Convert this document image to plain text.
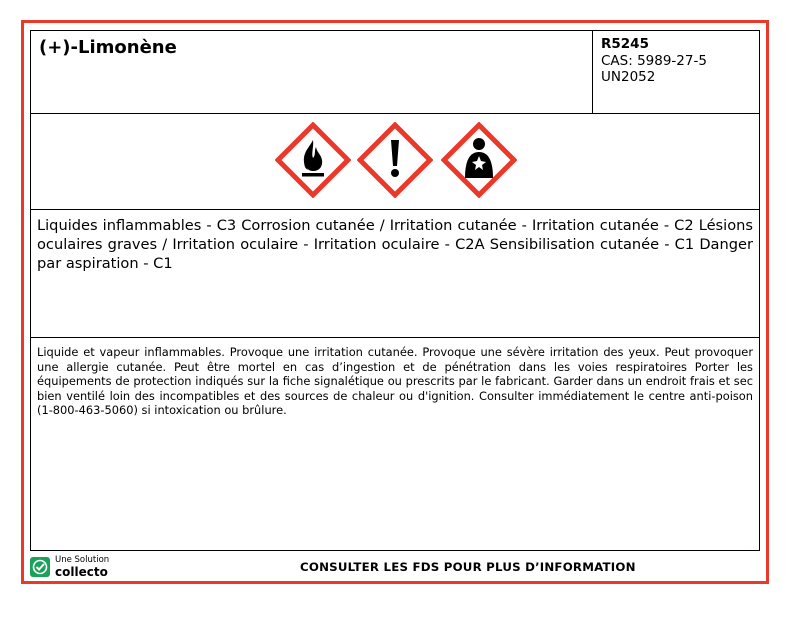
(+)-Limonène	R5245
CAS: 5989-27-5
UN2052
Liquides inflammables - C3 Corrosion cutanée / Irritation cutanée - Irritation cutanée - C2 Lésions oculaires graves / Irritation oculaire - Irritation oculaire - C2A Sensibilisation cutanée - C1 Danger par aspiration - C1
Liquide et vapeur inflammables. Provoque une irritation cutanée. Provoque une sévère irritation des yeux. Peut provoquer une allergie cutanée. Peut être mortel en cas d’ingestion et de pénétration dans les voies respiratoires Porter les équipements de protection indiqués sur la fiche signalétique ou prescrits par le fabricant. Garder dans un endroit frais et sec bien ventilé loin des incompatibles et des sources de chaleur ou d'ignition. Consulter immédiatement le centre anti-poison (1-800-463-5060) si intoxication ou brûlure.
Une Solution
collecto	CONSULTER LES FDS POUR PLUS D’INFORMATION
